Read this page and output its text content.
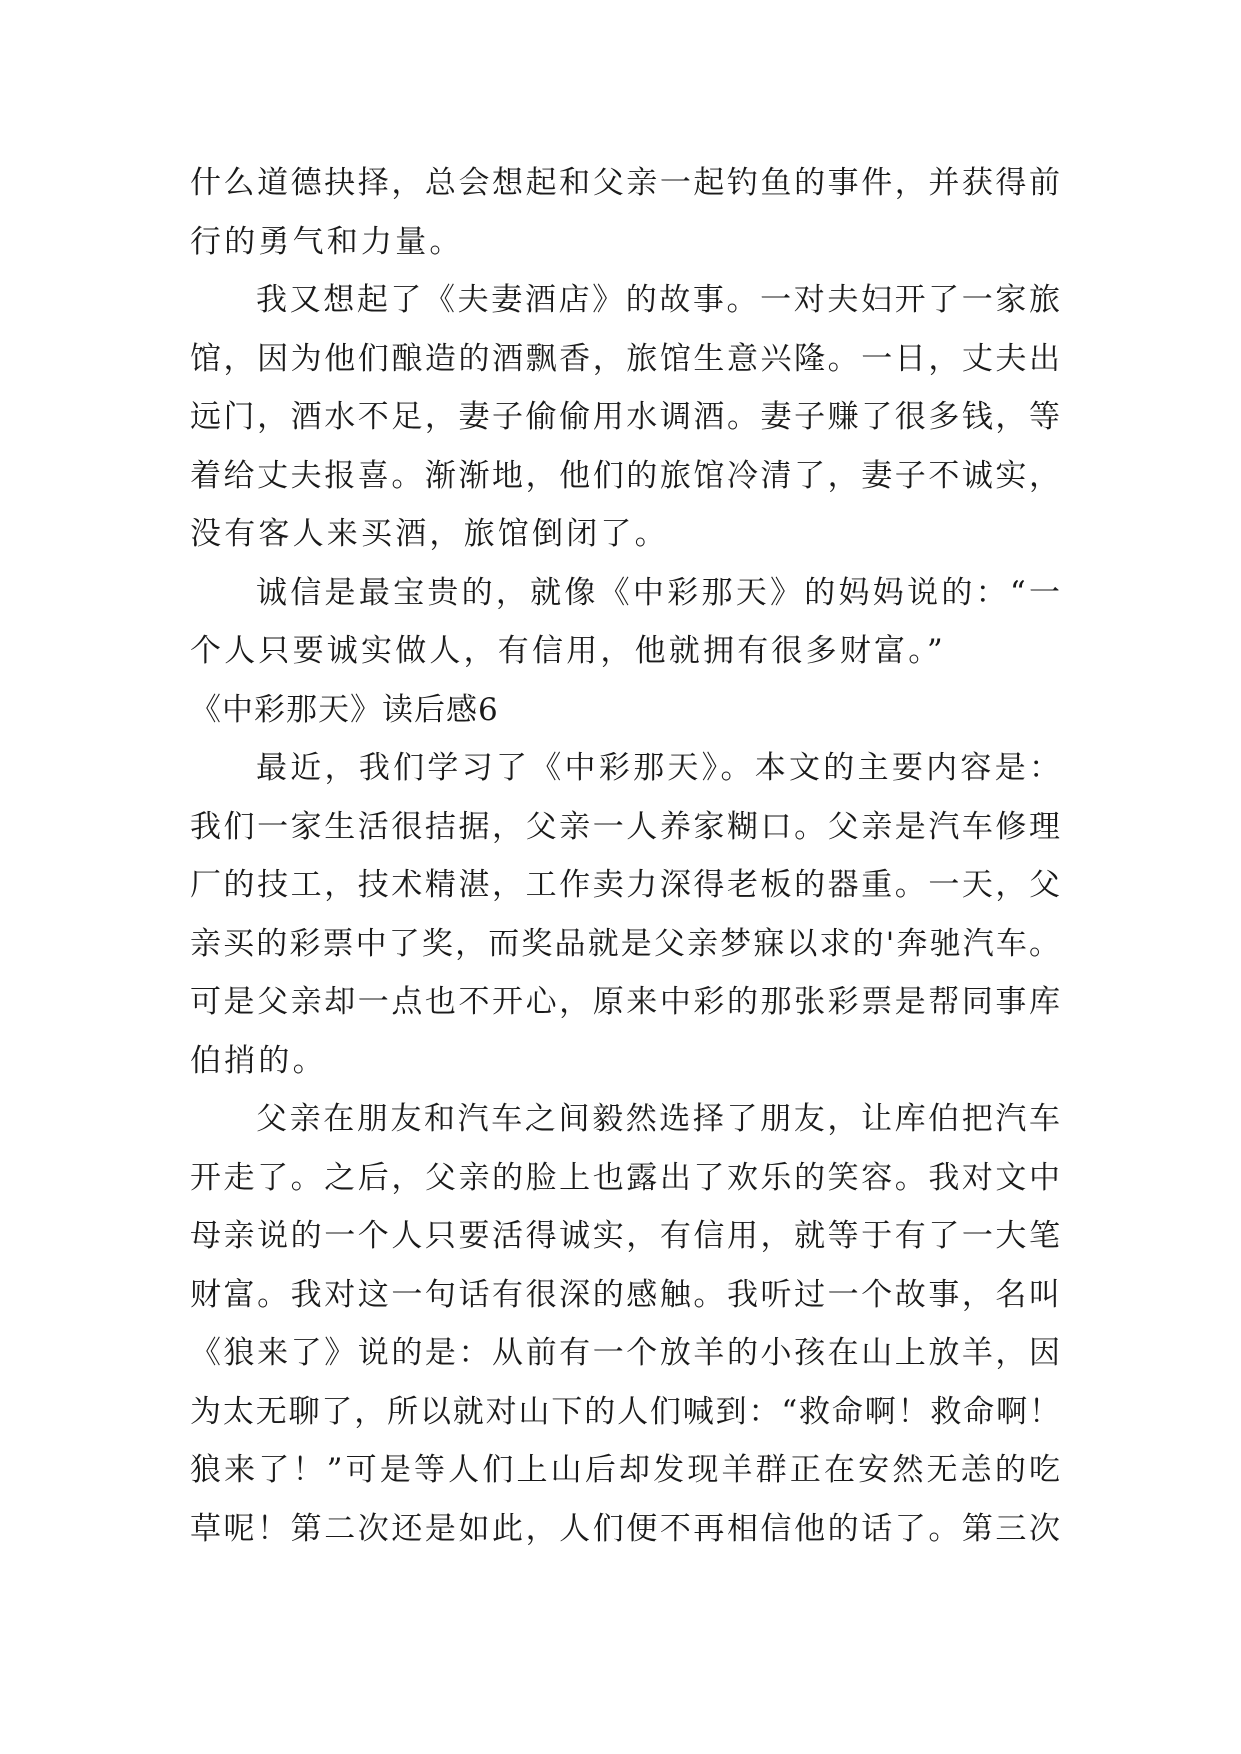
什么道德抉择，总会想起和父亲一起钓鱼的事件，并获得前
行的勇气和力量。
我又想起了《夫妻酒店》的故事。一对夫妇开了一家旅
馆，因为他们酿造的酒飘香，旅馆生意兴隆。一日，丈夫出
远门，酒水不足，妻子偷偷用水调酒。妻子赚了很多钱，等
着给丈夫报喜。渐渐地，他们的旅馆冷清了，妻子不诚实，
没有客人来买酒，旅馆倒闭了。
诚信是最宝贵的，就像《中彩那天》的妈妈说的：“一
个人只要诚实做人，有信用，他就拥有很多财富。”
《中彩那天》读后感6
最近，我们学习了《中彩那天》。本文的主要内容是：
我们一家生活很拮据，父亲一人养家糊口。父亲是汽车修理
厂的技工，技术精湛，工作卖力深得老板的器重。一天，父
亲买的彩票中了奖，而奖品就是父亲梦寐以求的'奔驰汽车。
可是父亲却一点也不开心，原来中彩的那张彩票是帮同事库
伯捎的。
父亲在朋友和汽车之间毅然选择了朋友，让库伯把汽车
开走了。之后，父亲的脸上也露出了欢乐的笑容。我对文中
母亲说的一个人只要活得诚实，有信用，就等于有了一大笔
财富。我对这一句话有很深的感触。我听过一个故事，名叫
《狼来了》说的是：从前有一个放羊的小孩在山上放羊，因
为太无聊了，所以就对山下的人们喊到：“救命啊！救命啊！
狼来了！”可是等人们上山后却发现羊群正在安然无恙的吃
草呢！第二次还是如此，人们便不再相信他的话了。第三次
